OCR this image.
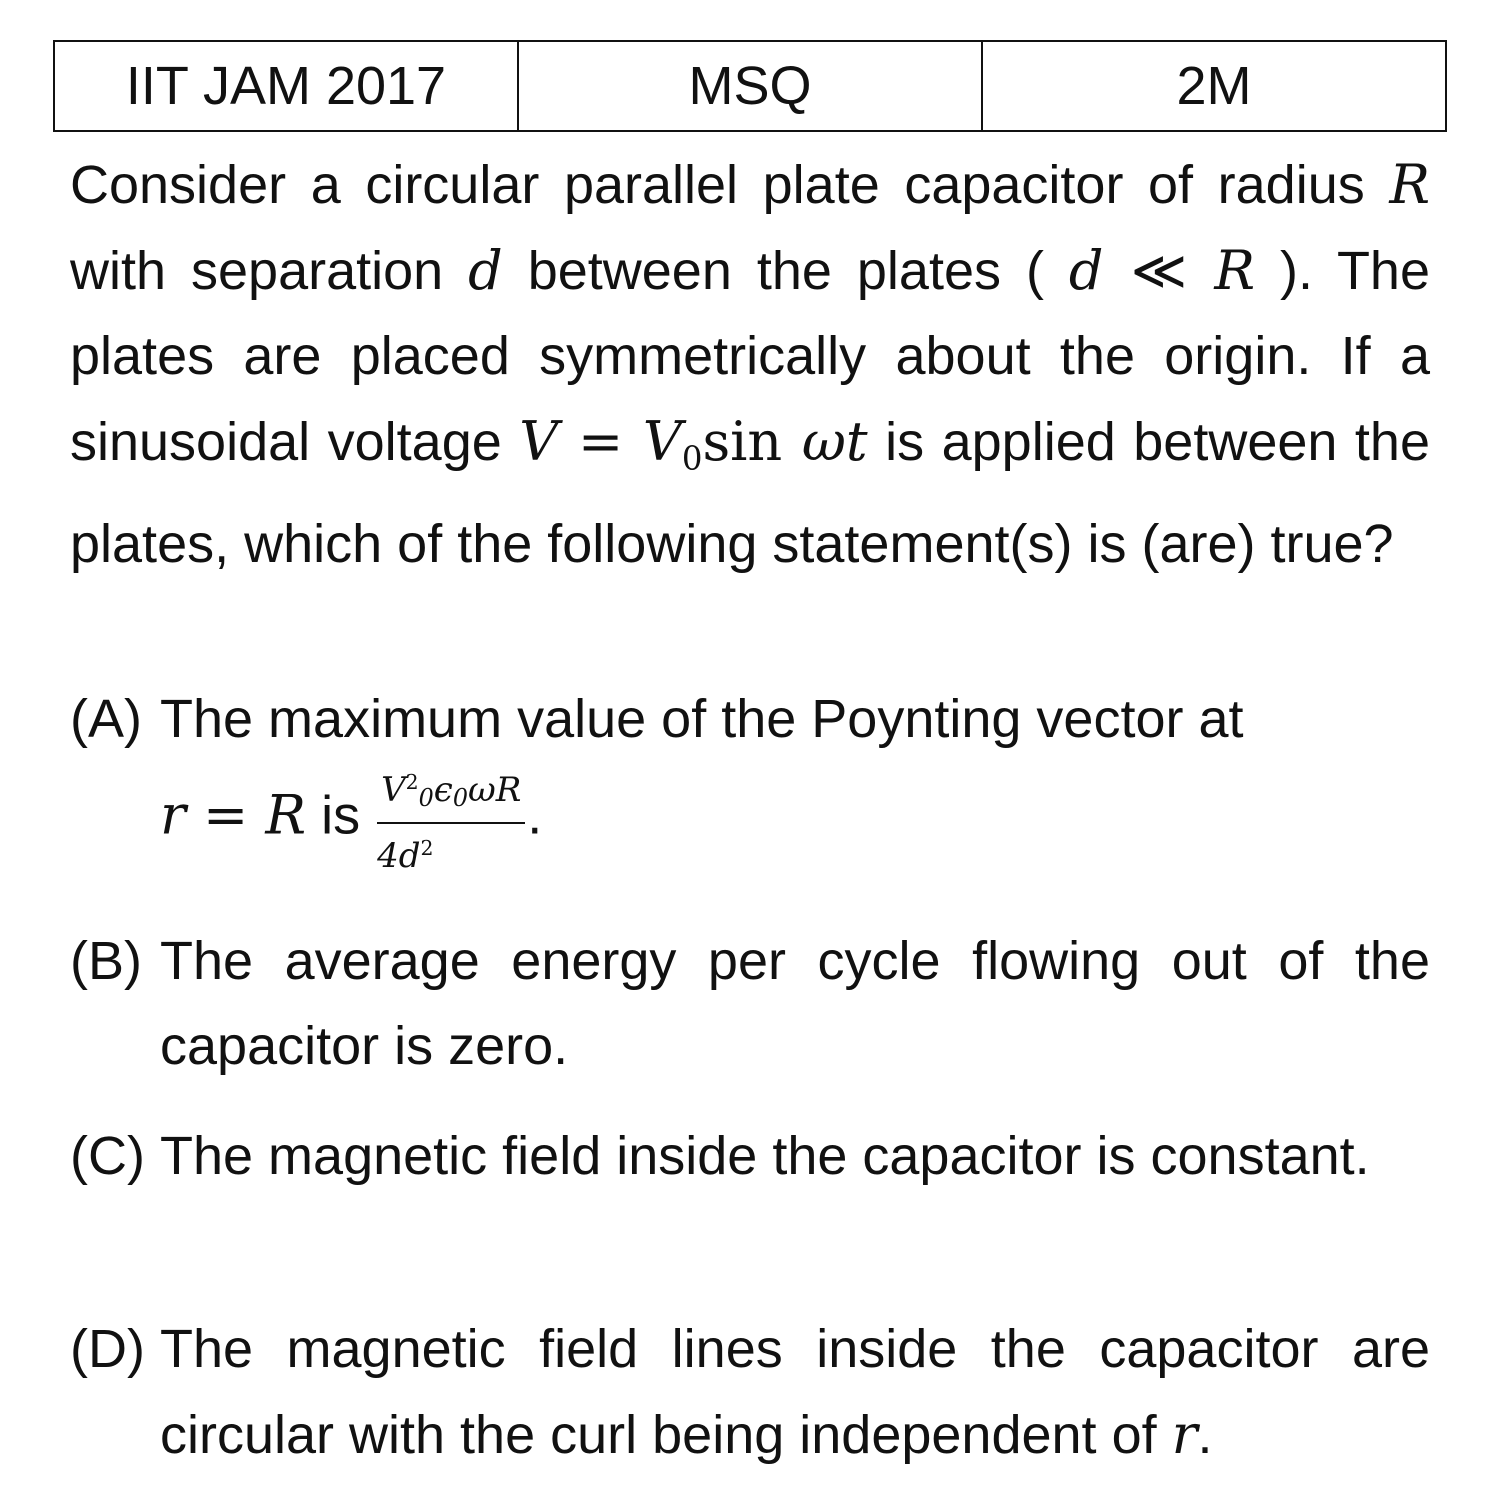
IIT JAM 2017	MSQ	2M
Consider a circular parallel plate capacitor of radius R with separation d between the plates ( d ≪ R ). The plates are placed symmetrically about the origin. If a sinusoidal voltage $V = V_0\sin$ ωt is applied between the plates, which of the following statement(s) is (are) true?
(A) The maximum value of the Poynting vector at
r = R is $\frac{V^20\epsilon 0\omega R}{4d^2}$ .
(B) The average energy per cycle flowing out of the capacitor is zero.
(C) The magnetic field inside the capacitor is constant.
(D) The magnetic field lines inside the capacitor are circular with the curl being independent of r.
